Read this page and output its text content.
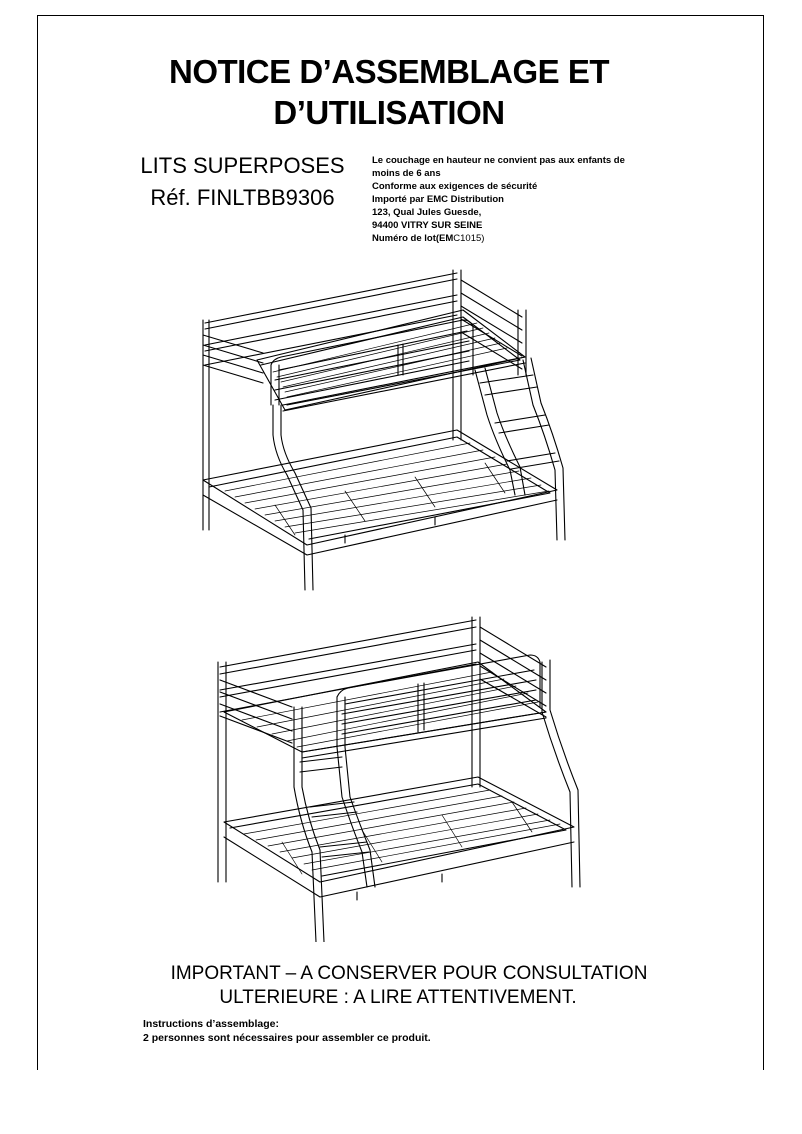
NOTICE D’ASSEMBLAGE ET
D’UTILISATION
LITS SUPERPOSES
Réf. FINLTBB9306
Le couchage en hauteur ne convient pas aux enfants de
moins de 6 ans
Conforme aux exigences de sécurité
Importé par EMC Distribution
123, Qual Jules Guesde,
94400 VITRY SUR SEINE
Numéro de lot(EMC1015)
IMPORTANT – A CONSERVER POUR CONSULTATION
ULTERIEURE : A LIRE ATTENTIVEMENT.
Instructions d’assemblage:
2 personnes sont nécessaires pour assembler ce produit.
